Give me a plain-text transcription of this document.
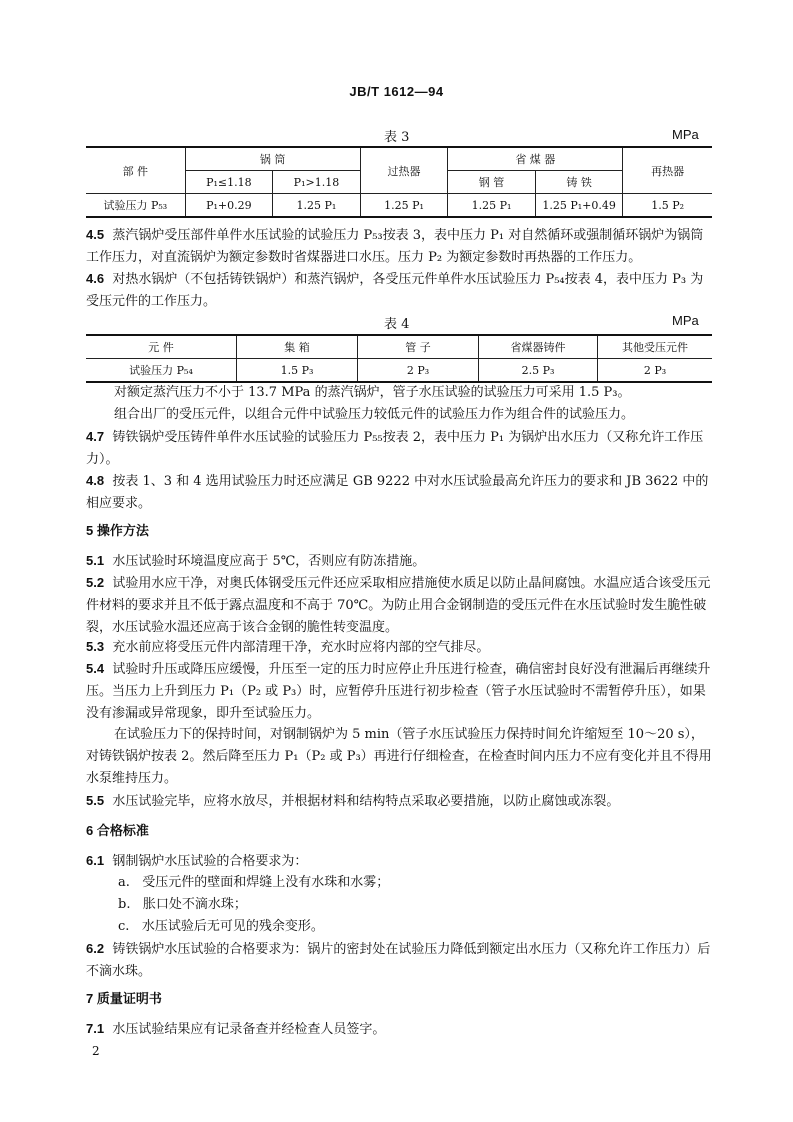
JB/T 1612—94
表 3	MPa
部 件	锅 筒		过热器	省 煤 器		再热器
	P₁≤1.18	P₁>1.18		钢 管	铸 铁	
试验压力 P₅₃	P₁+0.29	1.25 P₁	1.25 P₁	1.25 P₁	1.25 P₁+0.49	1.5 P₂
4.5 蒸汽锅炉受压部件单件水压试验的试验压力 P₅₃按表 3，表中压力 P₁ 对自然循环或强制循环锅炉为锅筒工作压力，对直流锅炉为额定参数时省煤器进口水压。压力 P₂ 为额定参数时再热器的工作压力。
4.6 对热水锅炉（不包括铸铁锅炉）和蒸汽锅炉，各受压元件单件水压试验压力 P₅₄按表 4，表中压力 P₃ 为受压元件的工作压力。
表 4	MPa
元 件	集 箱	管 子	省煤器铸件	其他受压元件
试验压力 P₅₄	1.5 P₃	2 P₃	2.5 P₃	2 P₃
对额定蒸汽压力不小于 13.7 MPa 的蒸汽锅炉，管子水压试验的试验压力可采用 1.5 P₃。
组合出厂的受压元件，以组合元件中试验压力较低元件的试验压力作为组合件的试验压力。
4.7 铸铁锅炉受压铸件单件水压试验的试验压力 P₅₅按表 2，表中压力 P₁ 为锅炉出水压力（又称允许工作压力）。
4.8 按表 1、3 和 4 选用试验压力时还应满足 GB 9222 中对水压试验最高允许压力的要求和 JB 3622 中的相应要求。
5 操作方法
5.1 水压试验时环境温度应高于 5℃，否则应有防冻措施。
5.2 试验用水应干净，对奥氏体钢受压元件还应采取相应措施使水质足以防止晶间腐蚀。水温应适合该受压元件材料的要求并且不低于露点温度和不高于 70℃。为防止用合金钢制造的受压元件在水压试验时发生脆性破裂，水压试验水温还应高于该合金钢的脆性转变温度。
5.3 充水前应将受压元件内部清理干净，充水时应将内部的空气排尽。
5.4 试验时升压或降压应缓慢，升压至一定的压力时应停止升压进行检查，确信密封良好没有泄漏后再继续升压。当压力上升到压力 P₁（P₂ 或 P₃）时，应暂停升压进行初步检查（管子水压试验时不需暂停升压），如果没有渗漏或异常现象，即升至试验压力。
在试验压力下的保持时间，对钢制锅炉为 5 min（管子水压试验压力保持时间允许缩短至 10～20 s），对铸铁锅炉按表 2。然后降至压力 P₁（P₂ 或 P₃）再进行仔细检查，在检查时间内压力不应有变化并且不得用水泵维持压力。
5.5 水压试验完毕，应将水放尽，并根据材料和结构特点采取必要措施，以防止腐蚀或冻裂。
6 合格标准
6.1 钢制锅炉水压试验的合格要求为：
a. 受压元件的壁面和焊缝上没有水珠和水雾；
b. 胀口处不滴水珠；
c. 水压试验后无可见的残余变形。
6.2 铸铁锅炉水压试验的合格要求为：锅片的密封处在试验压力降低到额定出水压力（又称允许工作压力）后不滴水珠。
7 质量证明书
7.1 水压试验结果应有记录备查并经检查人员签字。
2
